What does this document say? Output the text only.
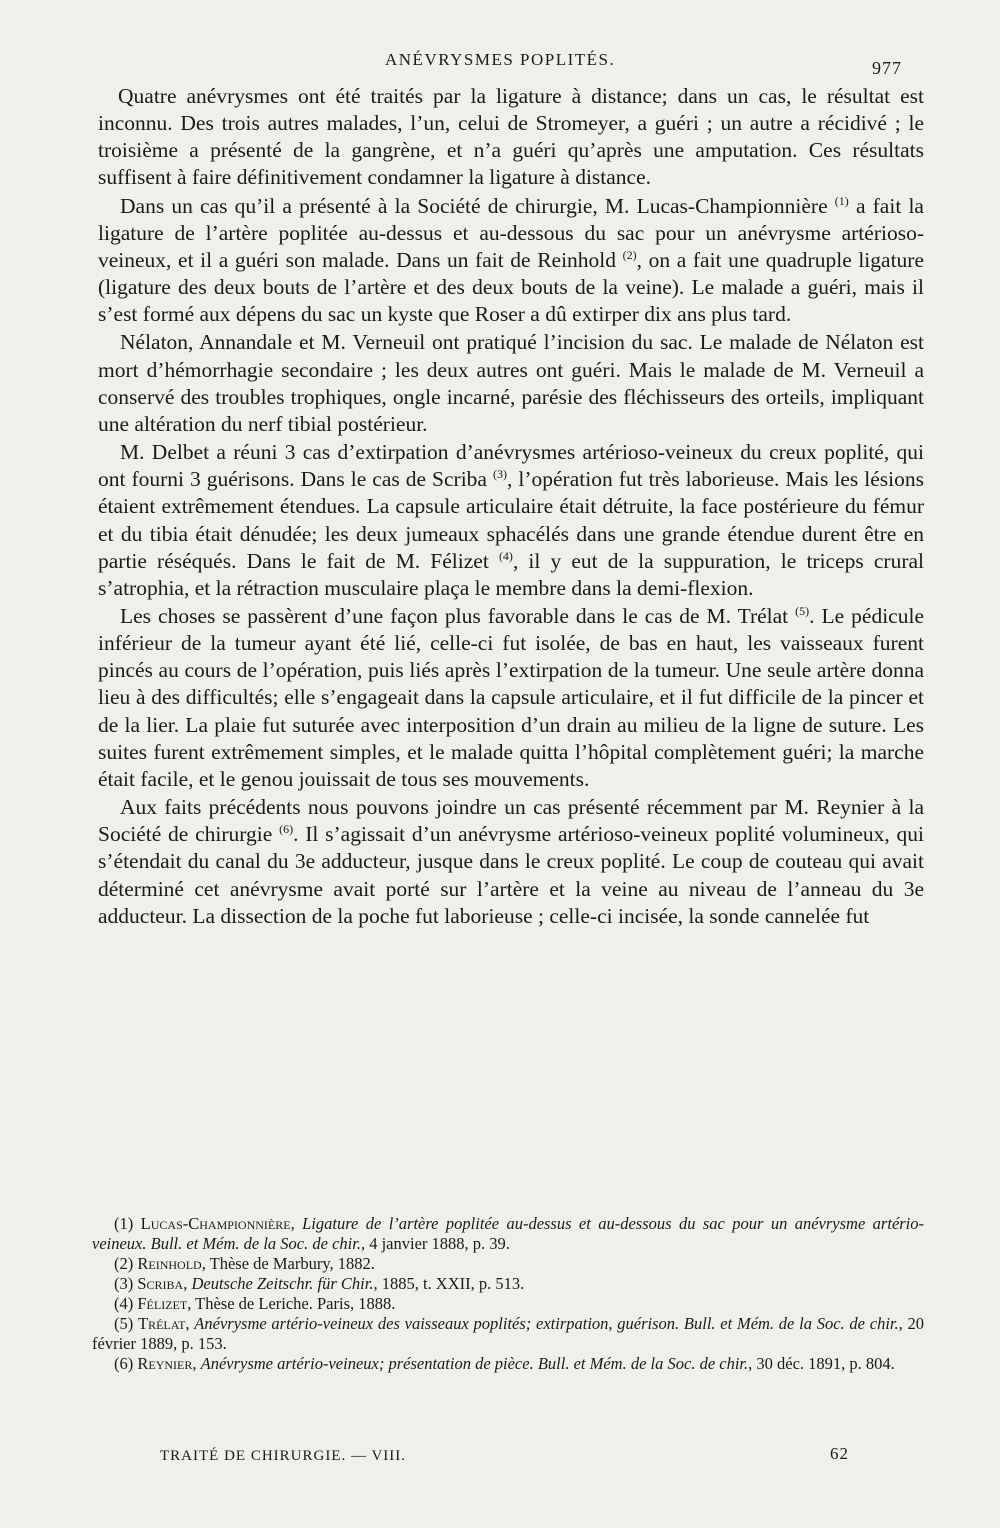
ANÉVRYSMES POPLITÉS.	977

Quatre anévrysmes ont été traités par la ligature à distance; dans un cas, le résultat est inconnu. Des trois autres malades, l’un, celui de Stromeyer, a guéri ; un autre a récidivé ; le troisième a présenté de la gangrène, et n’a guéri qu’après une amputation. Ces résultats suffisent à faire définitivement condamner la ligature à distance.

Dans un cas qu’il a présenté à la Société de chirurgie, M. Lucas-Championnière $^{(1)}$ a fait la ligature de l’artère poplitée au-dessus et au-dessous du sac pour un anévrysme artérioso-veineux, et il a guéri son malade. Dans un fait de Reinhold $^{(2)}$, on a fait une quadruple ligature (ligature des deux bouts de l’artère et des deux bouts de la veine). Le malade a guéri, mais il s’est formé aux dépens du sac un kyste que Roser a dû extirper dix ans plus tard.

Nélaton, Annandale et M. Verneuil ont pratiqué l’incision du sac. Le malade de Nélaton est mort d’hémorrhagie secondaire ; les deux autres ont guéri. Mais le malade de M. Verneuil a conservé des troubles trophiques, ongle incarné, parésie des fléchisseurs des orteils, impliquant une altération du nerf tibial postérieur.

M. Delbet a réuni 3 cas d’extirpation d’anévrysmes artérioso-veineux du creux poplité, qui ont fourni 3 guérisons. Dans le cas de Scriba $^{(3)}$, l’opération fut très laborieuse. Mais les lésions étaient extrêmement étendues. La capsule articulaire était détruite, la face postérieure du fémur et du tibia était dénudée; les deux jumeaux sphacélés dans une grande étendue durent être en partie réséqués. Dans le fait de M. Félizet $^{(4)}$, il y eut de la suppuration, le triceps crural s’atrophia, et la rétraction musculaire plaça le membre dans la demi-flexion.

Les choses se passèrent d’une façon plus favorable dans le cas de M. Trélat $^{(5)}$. Le pédicule inférieur de la tumeur ayant été lié, celle-ci fut isolée, de bas en haut, les vaisseaux furent pincés au cours de l’opération, puis liés après l’extirpation de la tumeur. Une seule artère donna lieu à des difficultés; elle s’engageait dans la capsule articulaire, et il fut difficile de la pincer et de la lier. La plaie fut suturée avec interposition d’un drain au milieu de la ligne de suture. Les suites furent extrêmement simples, et le malade quitta l’hôpital complètement guéri; la marche était facile, et le genou jouissait de tous ses mouvements.

Aux faits précédents nous pouvons joindre un cas présenté récemment par M. Reynier à la Société de chirurgie $^{(6)}$. Il s’agissait d’un anévrysme artérioso-veineux poplité volumineux, qui s’étendait du canal du 3e adducteur, jusque dans le creux poplité. Le coup de couteau qui avait déterminé cet anévrysme avait porté sur l’artère et la veine au niveau de l’anneau du 3e adducteur. La dissection de la poche fut laborieuse ; celle-ci incisée, la sonde cannelée fut

(1) Lucas-Championnière, Ligature de l’artère poplitée au-dessus et au-dessous du sac pour un anévrysme artério-veineux. Bull. et Mém. de la Soc. de chir., 4 janvier 1888, p. 39.

(2) Reinhold, Thèse de Marbury, 1882.

(3) Scriba, Deutsche Zeitschr. für Chir., 1885, t. XXII, p. 513.

(4) Félizet, Thèse de Leriche. Paris, 1888.

(5) Trélat, Anévrysme artério-veineux des vaisseaux poplités; extirpation, guérison. Bull. et Mém. de la Soc. de chir., 20 février 1889, p. 153.

(6) Reynier, Anévrysme artério-veineux; présentation de pièce. Bull. et Mém. de la Soc. de chir., 30 déc. 1891, p. 804.

TRAITÉ DE CHIRURGIE. — VIII.	62
